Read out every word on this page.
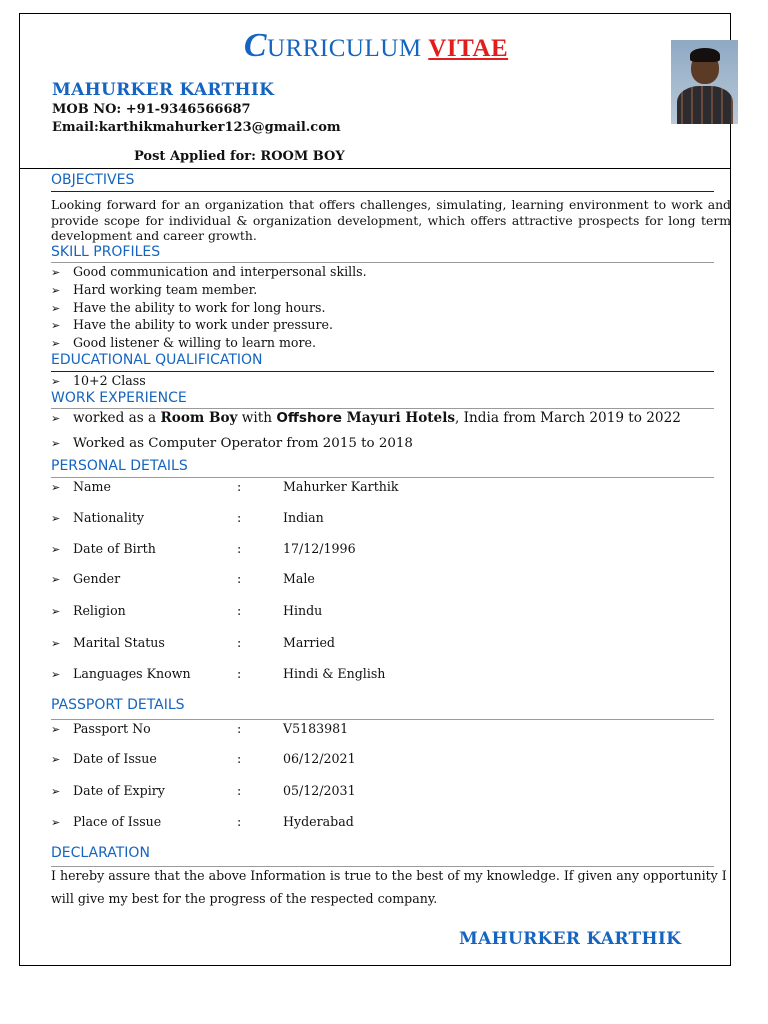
CURRICULUM VITAE
MAHURKER KARTHIK
MOB NO: +91-9346566687
Email:karthikmahurker123@gmail.com
Post Applied for: ROOM BOY
OBJECTIVES
Looking forward for an organization that offers challenges, simulating, learning environment to work and provide scope for individual & organization development, which offers attractive prospects for long term development and career growth.
SKILL PROFILES
➢ Good communication and interpersonal skills.
➢ Hard working team member.
➢ Have the ability to work for long hours.
➢ Have the ability to work under pressure.
➢ Good listener & willing to learn more.
EDUCATIONAL QUALIFICATION
➢ 10+2 Class
WORK EXPERIENCE
➢ worked as a Room Boy with Offshore Mayuri Hotels, India from March 2019 to 2022
➢ Worked as Computer Operator from 2015 to 2018
PERSONAL DETAILS
➢ Name	:	Mahurker Karthik
➢ Nationality	:	Indian
➢ Date of Birth	:	17/12/1996
➢ Gender	:	Male
➢ Religion	:	Hindu
➢ Marital Status	:	Married
➢ Languages Known	:	Hindi & English
PASSPORT DETAILS
➢ Passport No	:	V5183981
➢ Date of Issue	:	06/12/2021
➢ Date of Expiry	:	05/12/2031
➢ Place of Issue	:	Hyderabad
DECLARATION
I hereby assure that the above Information is true to the best of my knowledge. If given any opportunity I will give my best for the progress of the respected company.
MAHURKER KARTHIK
